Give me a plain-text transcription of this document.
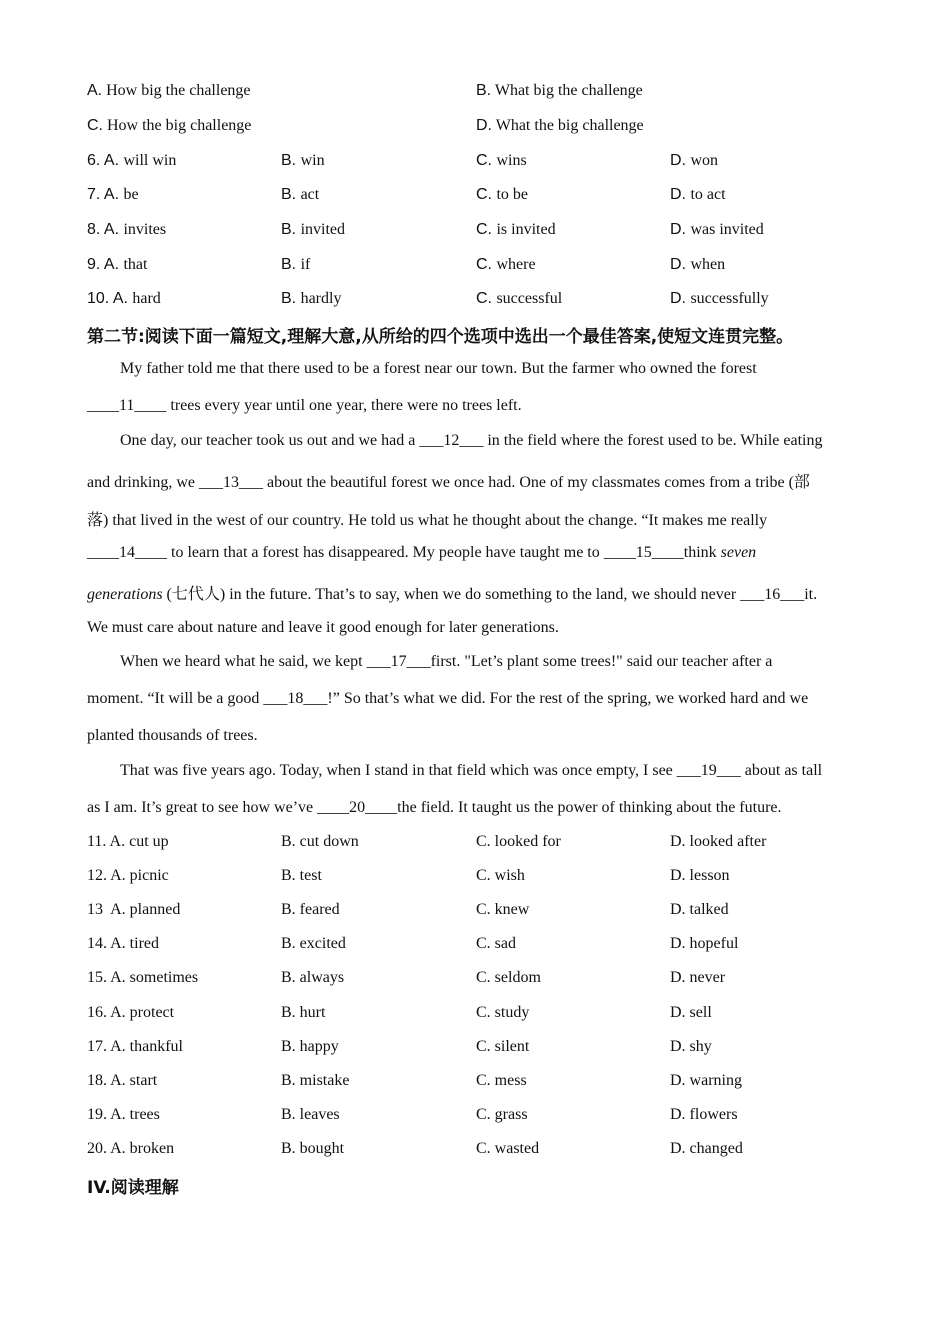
A. How big the challenge	B. What big the challenge
C. How the big challenge	D. What the big challenge
6. A. will win	B. win	C. wins	D. won
7. A. be	B. act	C. to be	D. to act
8. A. invites	B. invited	C. is invited	D. was invited
9. A. that	B. if	C. where	D. when
10. A. hard	B. hardly	C. successful	D. successfully
第二节:阅读下面一篇短文,理解大意,从所给的四个选项中选出一个最佳答案,使短文连贯完整。
My father told me that there used to be a forest near our town. But the farmer who owned the forest
____11____ trees every year until one year, there were no trees left.
One day, our teacher took us out and we had a ___12___ in the field where the forest used to be. While eating
and drinking, we ___13___ about the beautiful forest we once had. One of my classmates comes from a tribe (部
落) that lived in the west of our country. He told us what he thought about the change. “It makes me really
____14____ to learn that a forest has disappeared. My people have taught me to ____15____think seven
generations (七代人) in the future. That’s to say, when we do something to the land, we should never ___16___it.
We must care about nature and leave it good enough for later generations.
When we heard what he said, we kept ___17___first. "Let’s plant some trees!" said our teacher after a
moment. “It will be a good ___18___!” So that’s what we did. For the rest of the spring, we worked hard and we
planted thousands of trees.
That was five years ago. Today, when I stand in that field which was once empty, I see ___19___ about as tall
as I am. It’s great to see how we’ve ____20____the field. It taught us the power of thinking about the future.
11. A. cut up	B. cut down	C. looked for	D. looked after
12. A. picnic	B. test	C. wish	D. lesson
13 A. planned	B. feared	C. knew	D. talked
14. A. tired	B. excited	C. sad	D. hopeful
15. A. sometimes	B. always	C. seldom	D. never
16. A. protect	B. hurt	C. study	D. sell
17. A. thankful	B. happy	C. silent	D. shy
18. A. start	B. mistake	C. mess	D. warning
19. A. trees	B. leaves	C. grass	D. flowers
20. A. broken	B. bought	C. wasted	D. changed
IV.阅读理解
